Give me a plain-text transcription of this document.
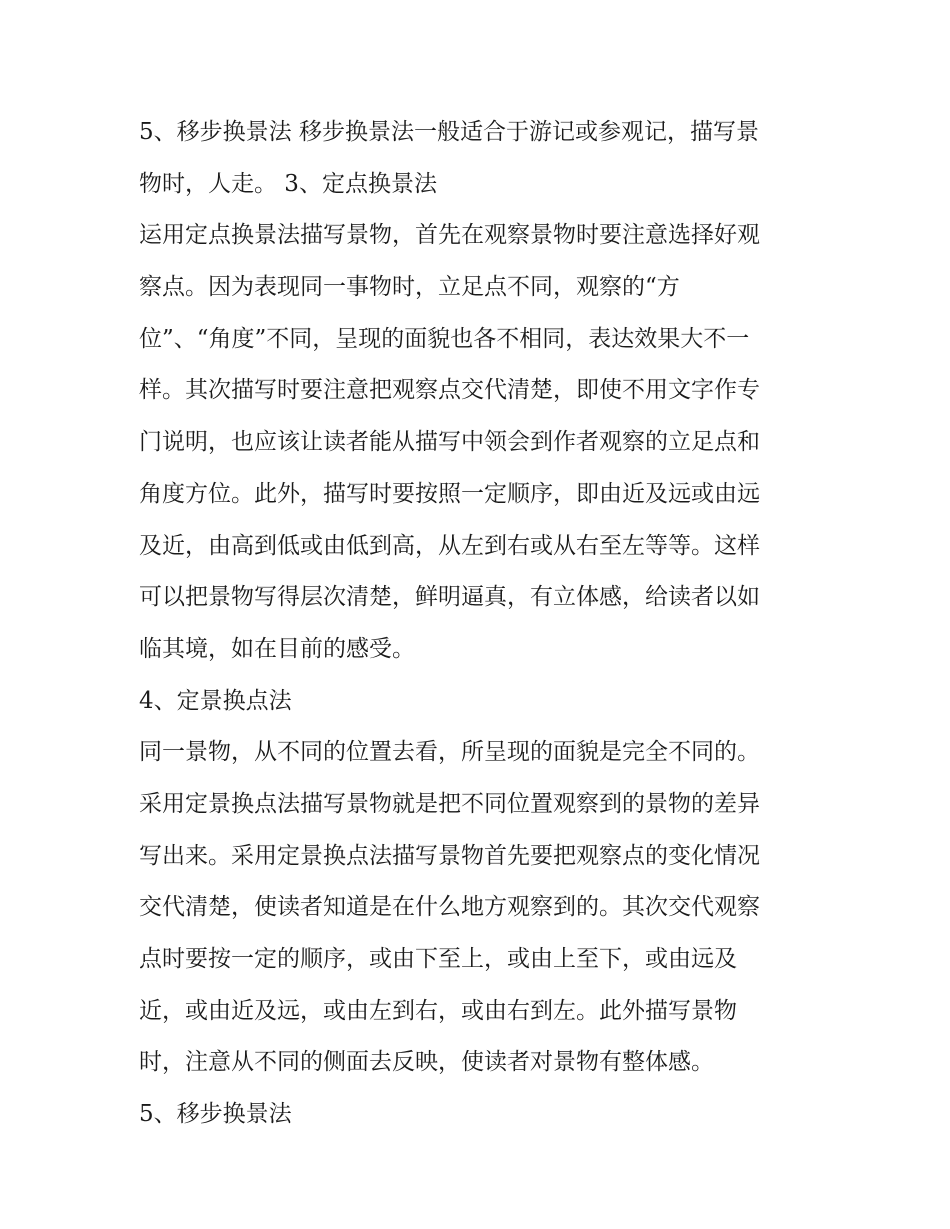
5、移步换景法 移步换景法一般适合于游记或参观记，描写景
物时，人走。 3、定点换景法
运用定点换景法描写景物，首先在观察景物时要注意选择好观
察点。因为表现同一事物时，立足点不同，观察的“方
位”、“角度”不同，呈现的面貌也各不相同，表达效果大不一
样。其次描写时要注意把观察点交代清楚，即使不用文字作专
门说明，也应该让读者能从描写中领会到作者观察的立足点和
角度方位。此外，描写时要按照一定顺序，即由近及远或由远
及近，由高到低或由低到高，从左到右或从右至左等等。这样
可以把景物写得层次清楚，鲜明逼真，有立体感，给读者以如
临其境，如在目前的感受。
4、定景换点法
同一景物，从不同的位置去看，所呈现的面貌是完全不同的。
采用定景换点法描写景物就是把不同位置观察到的景物的差异
写出来。采用定景换点法描写景物首先要把观察点的变化情况
交代清楚，使读者知道是在什么地方观察到的。其次交代观察
点时要按一定的顺序，或由下至上，或由上至下，或由远及
近，或由近及远，或由左到右，或由右到左。此外描写景物
时，注意从不同的侧面去反映，使读者对景物有整体感。
5、移步换景法
